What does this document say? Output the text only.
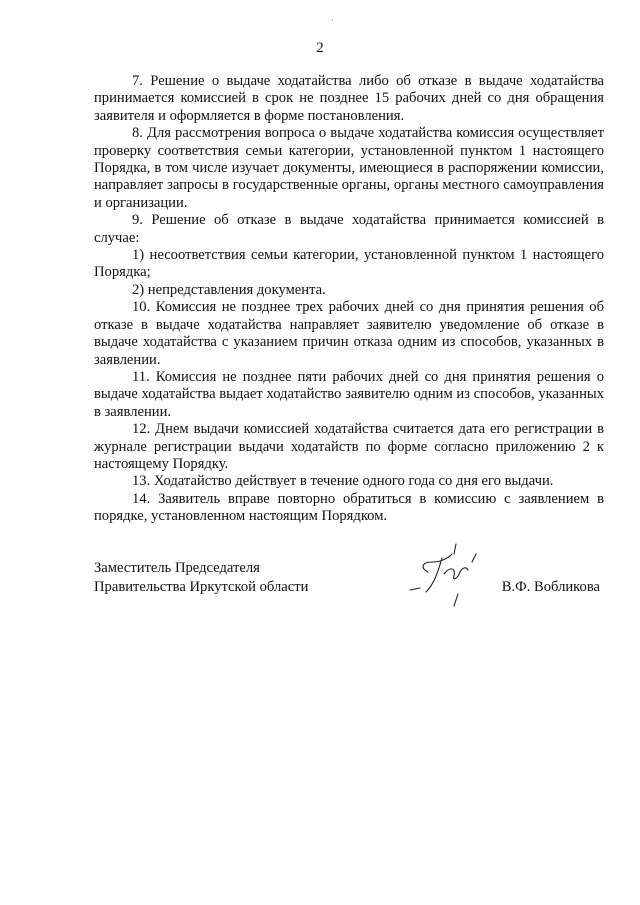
·
2

7. Решение о выдаче ходатайства либо об отказе в выдаче ходатайства принимается комиссией в срок не позднее 15 рабочих дней со дня обращения заявителя и оформляется в форме постановления.

8. Для рассмотрения вопроса о выдаче ходатайства комиссия осуществляет проверку соответствия семьи категории, установленной пунктом 1 настоящего Порядка, в том числе изучает документы, имеющиеся в распоряжении комиссии, направляет запросы в государственные органы, органы местного самоуправления и организации.

9. Решение об отказе в выдаче ходатайства принимается комиссией в случае:

1) несоответствия семьи категории, установленной пунктом 1 настоящего Порядка;

2) непредставления документа.

10. Комиссия не позднее трех рабочих дней со дня принятия решения об отказе в выдаче ходатайства направляет заявителю уведомление об отказе в выдаче ходатайства с указанием причин отказа одним из способов, указанных в заявлении.

11. Комиссия не позднее пяти рабочих дней со дня принятия решения о выдаче ходатайства выдает ходатайство заявителю одним из способов, указанных в заявлении.

12. Днем выдачи комиссией ходатайства считается дата его регистрации в журнале регистрации выдачи ходатайств по форме согласно приложению 2 к настоящему Порядку.

13. Ходатайство действует в течение одного года со дня его выдачи.

14. Заявитель вправе повторно обратиться в комиссию с заявлением в порядке, установленном настоящим Порядком.

Заместитель Председателя
Правительства Иркутской области	В.Ф. Вобликова
